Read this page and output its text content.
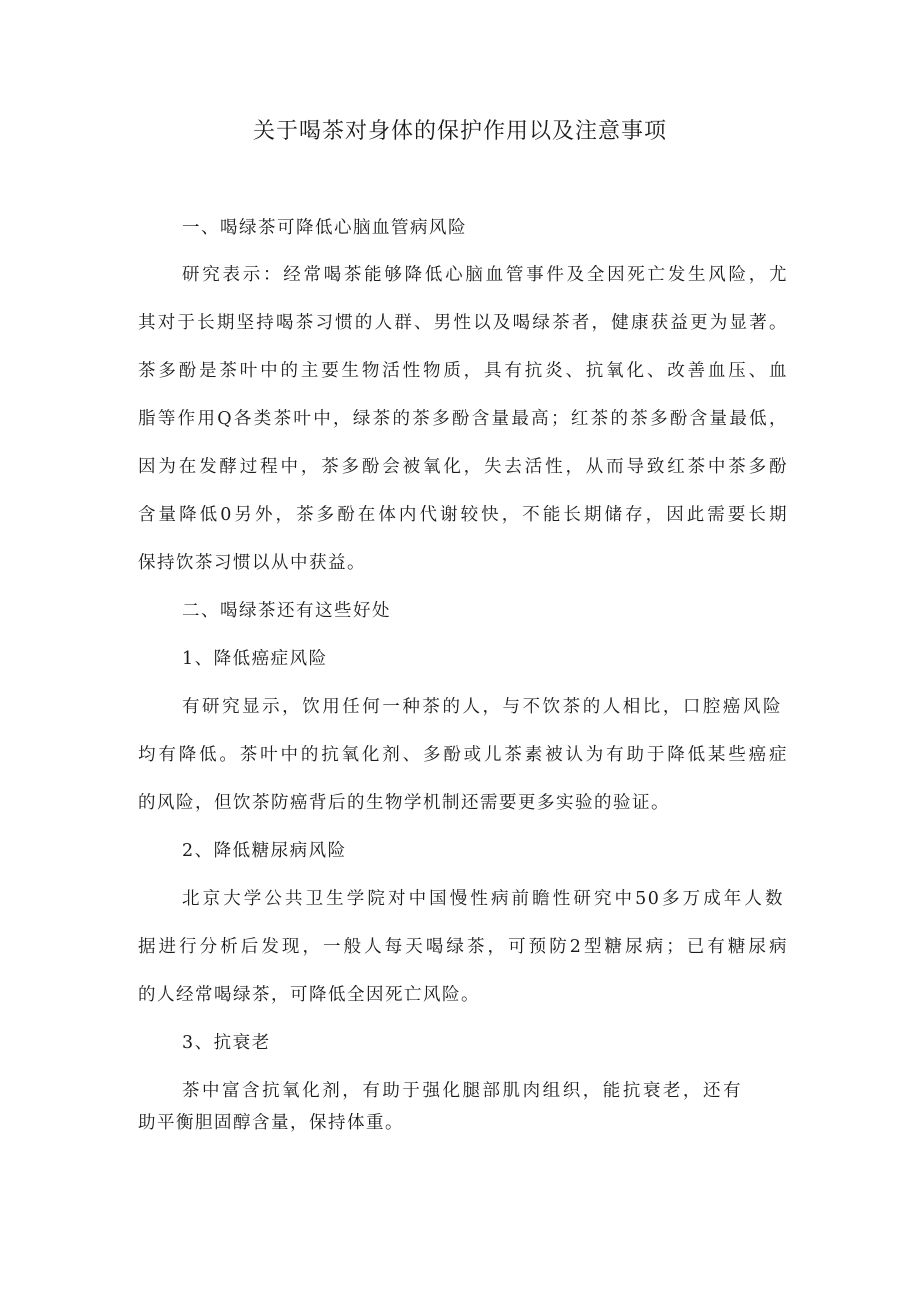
关于喝茶对身体的保护作用以及注意事项

一、喝绿茶可降低心脑血管病风险

研究表示：经常喝茶能够降低心脑血管事件及全因死亡发生风险，尤

其对于长期坚持喝茶习惯的人群、男性以及喝绿茶者，健康获益更为显著。

茶多酚是茶叶中的主要生物活性物质，具有抗炎、抗氧化、改善血压、血

脂等作用Q各类茶叶中，绿茶的茶多酚含量最高；红茶的茶多酚含量最低，

因为在发酵过程中，茶多酚会被氧化，失去活性，从而导致红茶中茶多酚

含量降低0另外，茶多酚在体内代谢较快，不能长期储存，因此需要长期

保持饮茶习惯以从中获益。

二、喝绿茶还有这些好处

1、降低癌症风险

有研究显示，饮用任何一种茶的人，与不饮茶的人相比，口腔癌风险

均有降低。茶叶中的抗氧化剂、多酚或儿茶素被认为有助于降低某些癌症

的风险，但饮茶防癌背后的生物学机制还需要更多实验的验证。

2、降低糖尿病风险

北京大学公共卫生学院对中国慢性病前瞻性研究中50多万成年人数

据进行分析后发现，一般人每天喝绿茶，可预防2型糖尿病；已有糖尿病

的人经常喝绿茶，可降低全因死亡风险。

3、抗衰老

茶中富含抗氧化剂，有助于强化腿部肌肉组织，能抗衰老，还有

助平衡胆固醇含量，保持体重。
